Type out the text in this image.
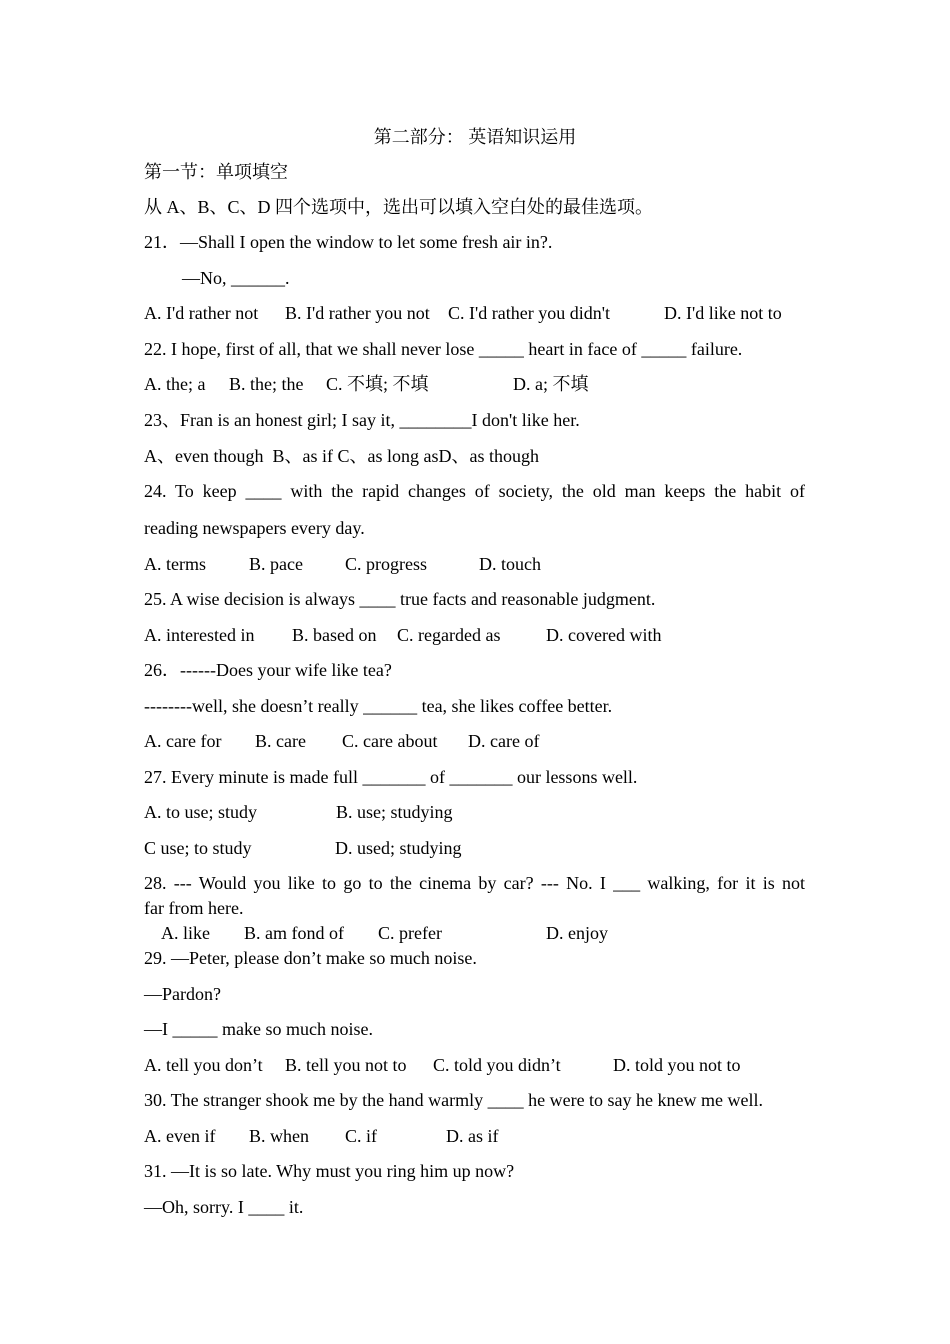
第二部分： 英语知识运用
第一节：单项填空
从 A、B、C、D 四个选项中，选出可以填入空白处的最佳选项。
21．—Shall I open the window to let some fresh air in?.
—No, ______.
A. I'd rather not B. I'd rather you not C. I'd rather you didn't	D. I'd like not to
22. I hope, first of all, that we shall never lose _____ heart in face of _____ failure.
A. the; a B. the; the C. 不填; 不填	D. a; 不填
23、Fran is an honest girl; I say it, ________I don't like her.
A、even though  B、as if C、as long asD、as though
24. To keep ____ with the rapid changes of society, the old man keeps the habit of
reading newspapers every day.
A. terms B. pace C. progress	D. touch
25. A wise decision is always ____ true facts and reasonable judgment.
A. interested in B. based on C. regarded as	D. covered with
26．------Does your wife like tea?
--------well, she doesn’t really ______ tea, she likes coffee better.
A. care for B. care C. care about D. care of
27. Every minute is made full _______ of _______ our lessons well.
A. to use; study	B. use; studying
C use; to study	D. used; studying
28. --- Would you like to go to the cinema by car? --- No. I ___ walking, for it is not
far from here.
A. like B. am fond of C. prefer	D. enjoy
29. —Peter, please don’t make so much noise.
—Pardon?
—I _____ make so much noise.
A. tell you don’t B. tell you not to C. told you didn’t	D. told you not to
30. The stranger shook me by the hand warmly ____ he were to say he knew me well.
A. even if B. when C. if	D. as if
31. —It is so late. Why must you ring him up now?
—Oh, sorry. I ____ it.
